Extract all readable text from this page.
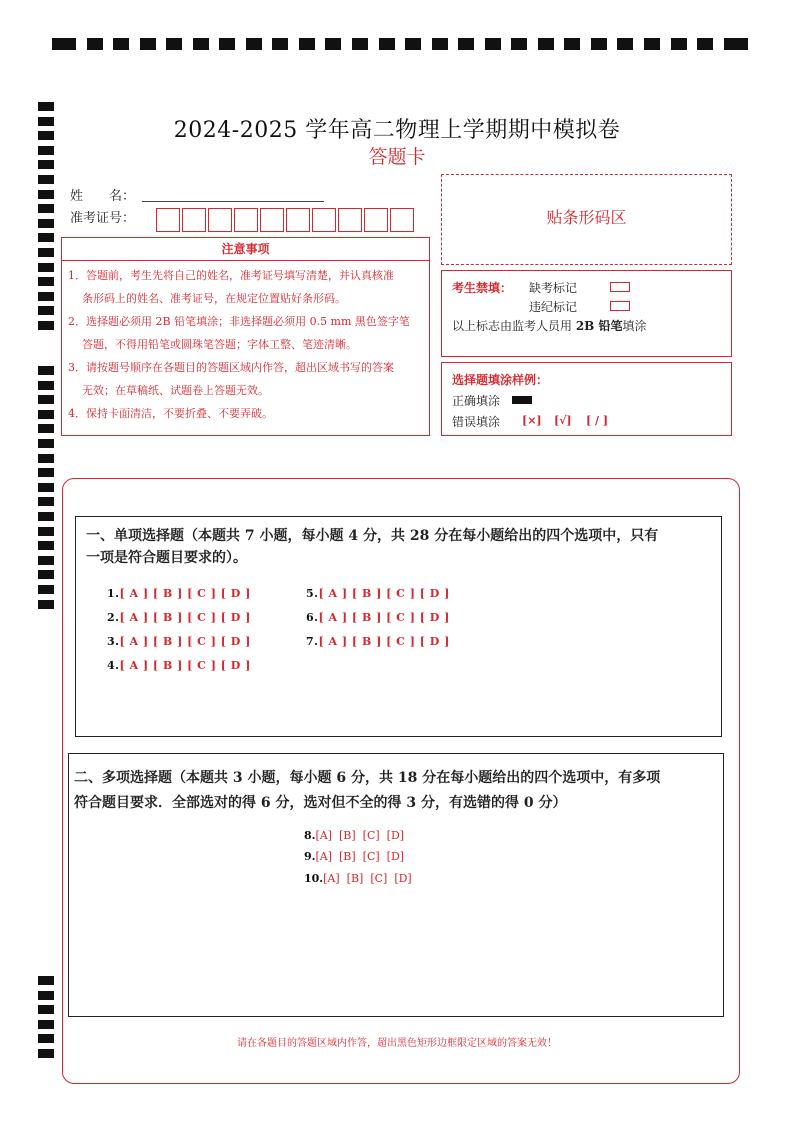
2024-2025 学年高二物理上学期期中模拟卷
答题卡
姓　　名：
准考证号：	贴条形码区
注意事项
1．答题前，考生先将自己的姓名，准考证号填写清楚，并认真核准
条形码上的姓名、准考证号，在规定位置贴好条形码。
2．选择题必须用 2B 铅笔填涂；非选择题必须用 0.5 mm 黑色签字笔
答题，不得用铅笔或圆珠笔答题；字体工整、笔迹清晰。
3．请按题号顺序在各题目的答题区域内作答，超出区域书写的答案
无效；在草稿纸、试题卷上答题无效。
4．保持卡面清洁，不要折叠、不要弄破。
考生禁填： 缺考标记
违纪标记
以上标志由监考人员用 2B 铅笔填涂
选择题填涂样例：
正确填涂
错误填涂 [×] [√] [ / ]
一、单项选择题（本题共 7 小题，每小题 4 分，共 28 分在每小题给出的四个选项中，只有
一项是符合题目要求的）。
1.[ A ] [ B ] [ C ] [ D ]
2.[ A ] [ B ] [ C ] [ D ]
3.[ A ] [ B ] [ C ] [ D ]
4.[ A ] [ B ] [ C ] [ D ]
5.[ A ] [ B ] [ C ] [ D ]
6.[ A ] [ B ] [ C ] [ D ]
7.[ A ] [ B ] [ C ] [ D ]
二、多项选择题（本题共 3 小题，每小题 6 分，共 18 分在每小题给出的四个选项中，有多项
符合题目要求．全部选对的得 6 分，选对但不全的得 3 分，有选错的得 0 分）
8.[A]  [B]  [C]  [D]
9.[A]  [B]  [C]  [D]
10.[A]  [B]  [C]  [D]
请在各题目的答题区域内作答，超出黑色矩形边框限定区域的答案无效！
